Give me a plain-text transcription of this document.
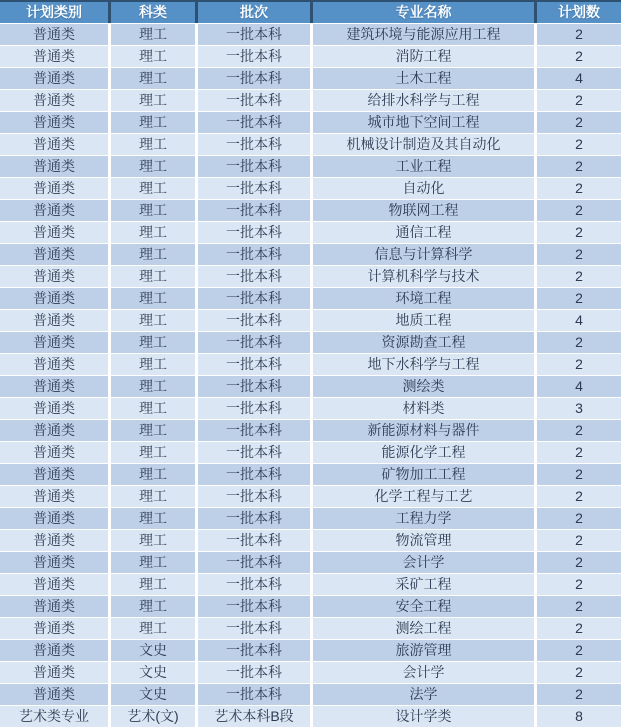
计划类别	科类	批次	专业名称	计划数
普通类	理工	一批本科	建筑环境与能源应用工程	2
普通类	理工	一批本科	消防工程	2
普通类	理工	一批本科	土木工程	4
普通类	理工	一批本科	给排水科学与工程	2
普通类	理工	一批本科	城市地下空间工程	2
普通类	理工	一批本科	机械设计制造及其自动化	2
普通类	理工	一批本科	工业工程	2
普通类	理工	一批本科	自动化	2
普通类	理工	一批本科	物联网工程	2
普通类	理工	一批本科	通信工程	2
普通类	理工	一批本科	信息与计算科学	2
普通类	理工	一批本科	计算机科学与技术	2
普通类	理工	一批本科	环境工程	2
普通类	理工	一批本科	地质工程	4
普通类	理工	一批本科	资源勘查工程	2
普通类	理工	一批本科	地下水科学与工程	2
普通类	理工	一批本科	测绘类	4
普通类	理工	一批本科	材料类	3
普通类	理工	一批本科	新能源材料与器件	2
普通类	理工	一批本科	能源化学工程	2
普通类	理工	一批本科	矿物加工工程	2
普通类	理工	一批本科	化学工程与工艺	2
普通类	理工	一批本科	工程力学	2
普通类	理工	一批本科	物流管理	2
普通类	理工	一批本科	会计学	2
普通类	理工	一批本科	采矿工程	2
普通类	理工	一批本科	安全工程	2
普通类	理工	一批本科	测绘工程	2
普通类	文史	一批本科	旅游管理	2
普通类	文史	一批本科	会计学	2
普通类	文史	一批本科	法学	2
艺术类专业	艺术(文)	艺术本科B段	设计学类	8
